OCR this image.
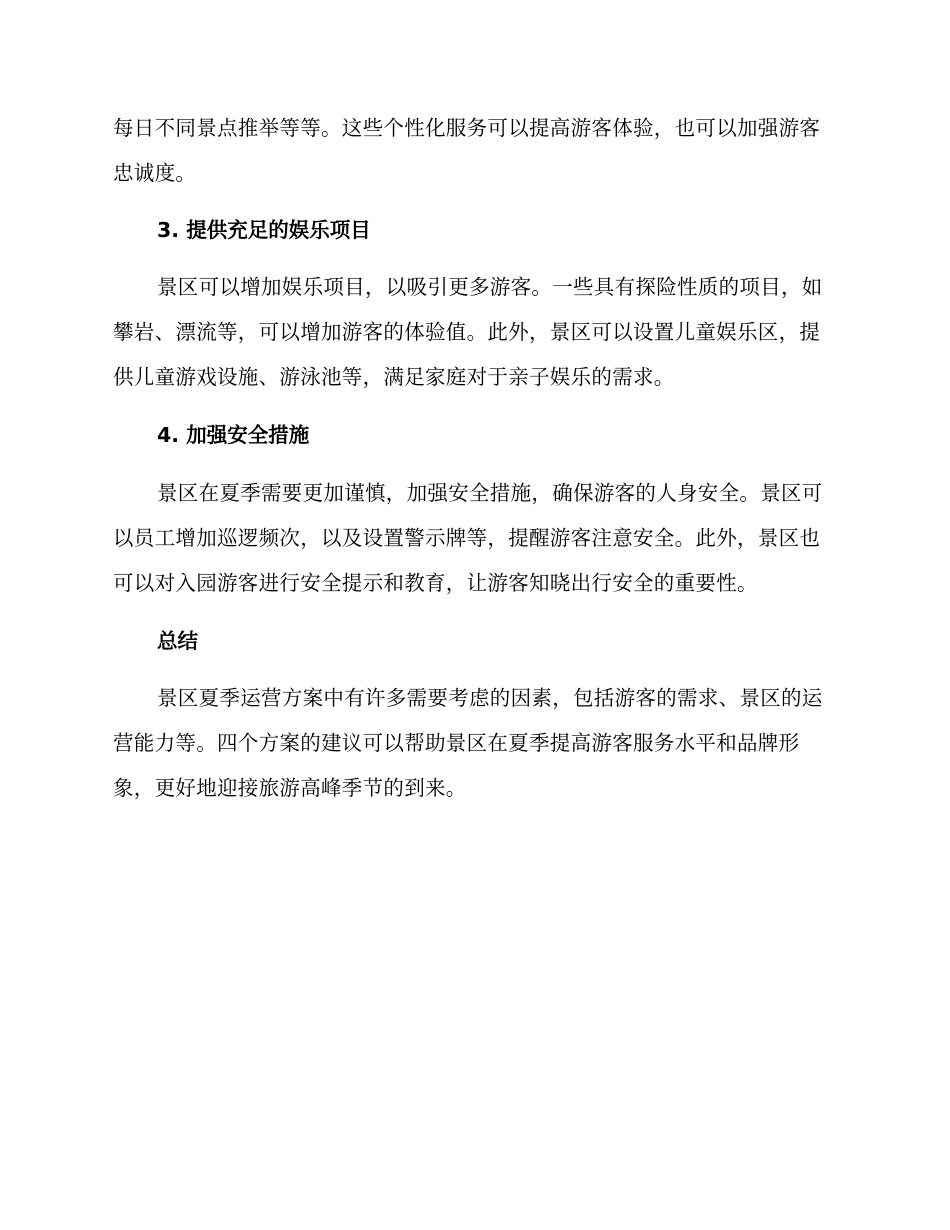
每日不同景点推举等等。这些个性化服务可以提高游客体验，也可以加强游客忠诚度。

3. 提供充足的娱乐项目

景区可以增加娱乐项目，以吸引更多游客。一些具有探险性质的项目，如攀岩、漂流等，可以增加游客的体验值。此外，景区可以设置儿童娱乐区，提供儿童游戏设施、游泳池等，满足家庭对于亲子娱乐的需求。

4. 加强安全措施

景区在夏季需要更加谨慎，加强安全措施，确保游客的人身安全。景区可以员工增加巡逻频次，以及设置警示牌等，提醒游客注意安全。此外，景区也可以对入园游客进行安全提示和教育，让游客知晓出行安全的重要性。

总结

景区夏季运营方案中有许多需要考虑的因素，包括游客的需求、景区的运营能力等。四个方案的建议可以帮助景区在夏季提高游客服务水平和品牌形象，更好地迎接旅游高峰季节的到来。
